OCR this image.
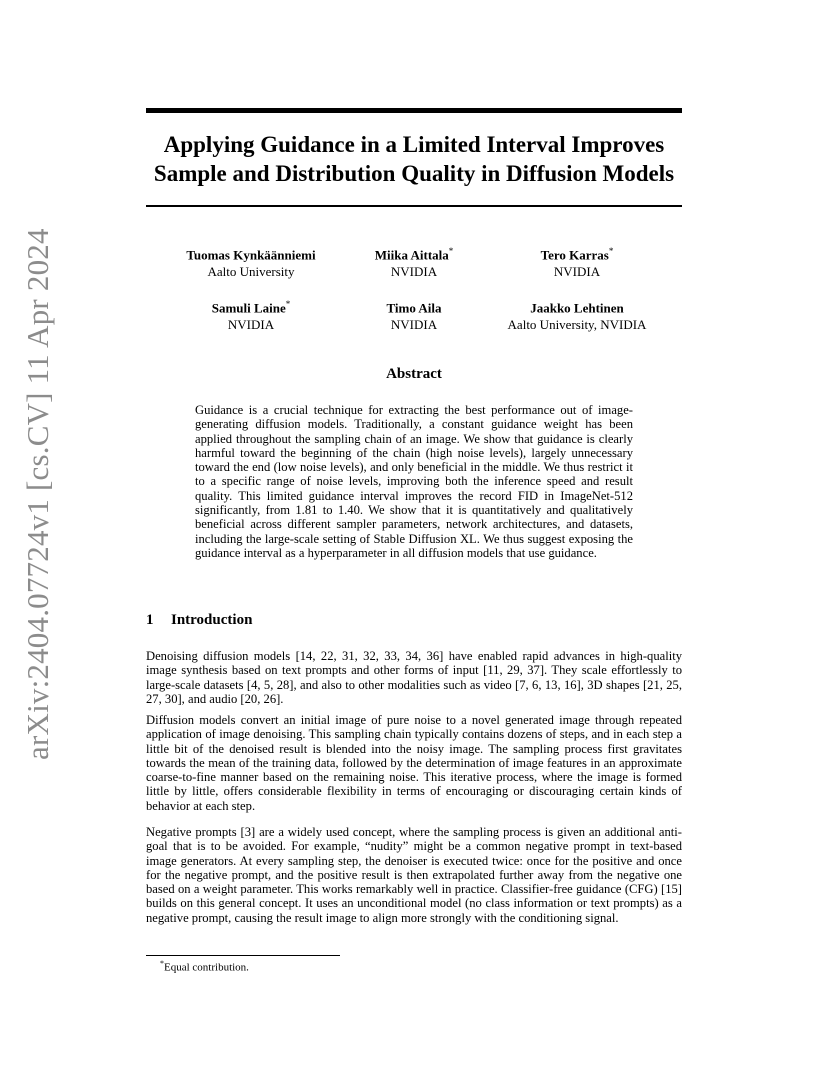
arXiv:2404.07724v1 [cs.CV] 11 Apr 2024
Applying Guidance in a Limited Interval Improves
Sample and Distribution Quality in Diffusion Models
Tuomas Kynkäänniemi
Aalto University
Miika Aittala*
NVIDIA
Tero Karras*
NVIDIA
Samuli Laine*
NVIDIA
Timo Aila
NVIDIA
Jaakko Lehtinen
Aalto University, NVIDIA
Abstract
Guidance is a crucial technique for extracting the best performance out of image-generating diffusion models. Traditionally, a constant guidance weight has been applied throughout the sampling chain of an image. We show that guidance is clearly harmful toward the beginning of the chain (high noise levels), largely unnecessary toward the end (low noise levels), and only beneficial in the middle. We thus restrict it to a specific range of noise levels, improving both the inference speed and result quality. This limited guidance interval improves the record FID in ImageNet-512 significantly, from 1.81 to 1.40. We show that it is quantitatively and qualitatively beneficial across different sampler parameters, network architectures, and datasets, including the large-scale setting of Stable Diffusion XL. We thus suggest exposing the guidance interval as a hyperparameter in all diffusion models that use guidance.
1 Introduction

Denoising diffusion models [14, 22, 31, 32, 33, 34, 36] have enabled rapid advances in high-quality image synthesis based on text prompts and other forms of input [11, 29, 37]. They scale effortlessly to large-scale datasets [4, 5, 28], and also to other modalities such as video [7, 6, 13, 16], 3D shapes [21, 25, 27, 30], and audio [20, 26].

Diffusion models convert an initial image of pure noise to a novel generated image through repeated application of image denoising. This sampling chain typically contains dozens of steps, and in each step a little bit of the denoised result is blended into the noisy image. The sampling process first gravitates towards the mean of the training data, followed by the determination of image features in an approximate coarse-to-fine manner based on the remaining noise. This iterative process, where the image is formed little by little, offers considerable flexibility in terms of encouraging or discouraging certain kinds of behavior at each step.

Negative prompts [3] are a widely used concept, where the sampling process is given an additional anti-goal that is to be avoided. For example, “nudity” might be a common negative prompt in text-based image generators. At every sampling step, the denoiser is executed twice: once for the positive and once for the negative prompt, and the positive result is then extrapolated further away from the negative one based on a weight parameter. This works remarkably well in practice. Classifier-free guidance (CFG) [15] builds on this general concept. It uses an unconditional model (no class information or text prompts) as a negative prompt, causing the result image to align more strongly with the conditioning signal.

*Equal contribution.
